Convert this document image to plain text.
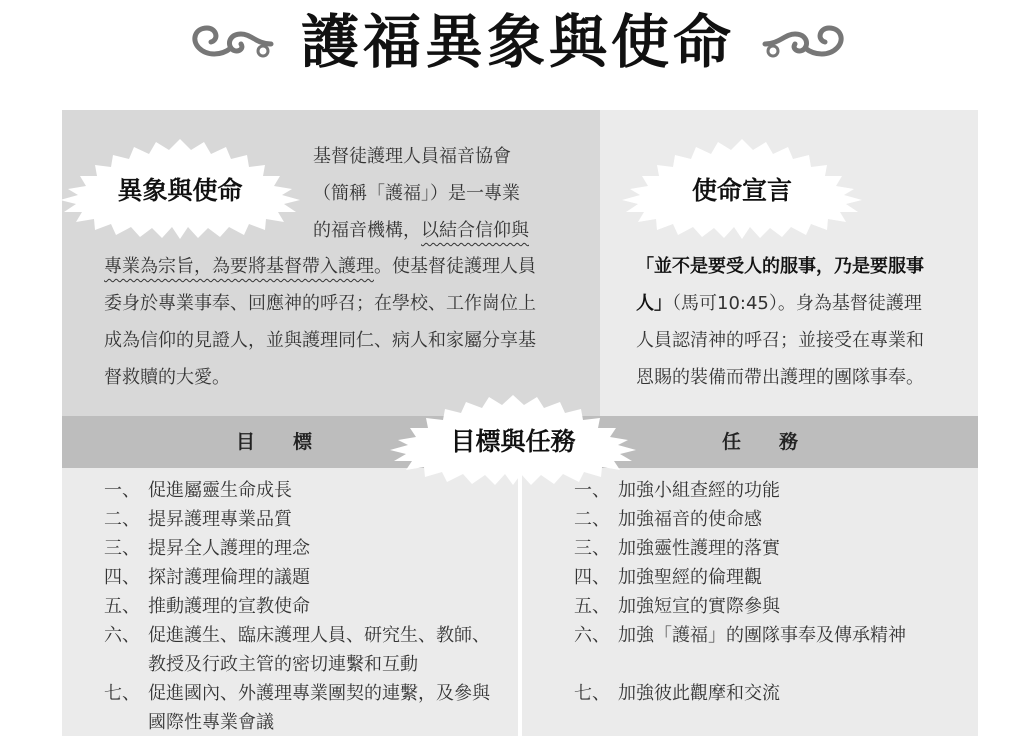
護福異象與使命
異象與使命
基督徒護理人員福音協會
（簡稱「護福」）是一專業
的福音機構，以結合信仰與
專業為宗旨，為要將基督帶入護理。使基督徒護理人員
委身於專業事奉、回應神的呼召；在學校、工作崗位上
成為信仰的見證人，並與護理同仁、病人和家屬分享基
督救贖的大愛。
使命宣言
「並不是要受人的服事，乃是要服事
人」（馬可10:45）。身為基督徒護理
人員認清神的呼召；並接受在專業和
恩賜的裝備而帶出護理的團隊事奉。
目標	任務
一、 促進屬靈生命成長
二、 提昇護理專業品質
三、 提昇全人護理的理念
四、 探討護理倫理的議題
五、 推動護理的宣教使命
六、 促進護生、臨床護理人員、研究生、教師、教授及行政主管的密切連繫和互動
七、 促進國內、外護理專業團契的連繫，及參與國際性專業會議
一、 加強小組查經的功能
二、 加強福音的使命感
三、 加強靈性護理的落實
四、 加強聖經的倫理觀
五、 加強短宣的實際參與
六、 加強「護福」的團隊事奉及傳承精神
七、 加強彼此觀摩和交流
目標與任務
